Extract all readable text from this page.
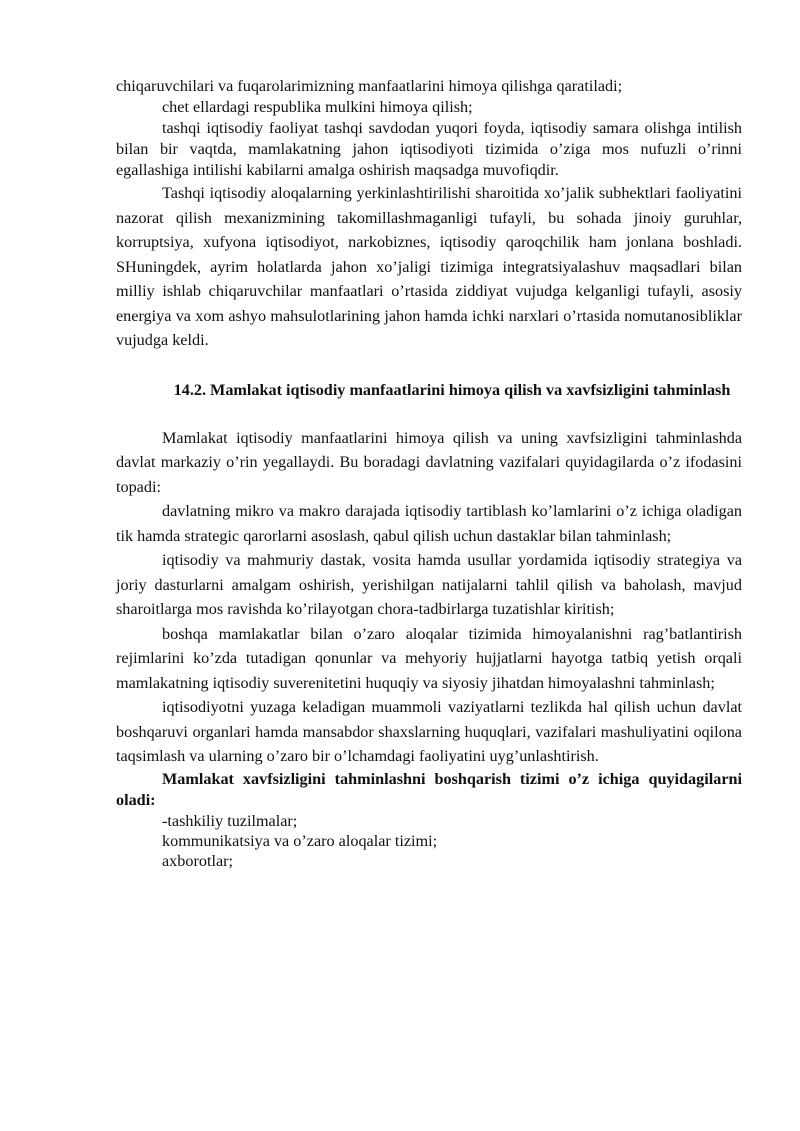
chiqaruvchilari va fuqarolarimizning manfaatlarini himoya qilishga qaratiladi;

chet ellardagi respublika mulkini himoya qilish;

tashqi iqtisodiy faoliyat tashqi savdodan yuqori foyda, iqtisodiy samara olishga intilish bilan bir vaqtda, mamlakatning jahon iqtisodiyoti tizimida o’ziga mos nufuzli o’rinni egallashiga intilishi kabilarni amalga oshirish maqsadga muvofiqdir.

Tashqi iqtisodiy aloqalarning yerkinlashtirilishi sharoitida xo’jalik subhektlari faoliyatini nazorat qilish mexanizmining takomillashmaganligi tufayli, bu sohada jinoiy guruhlar, korruptsiya, xufyona iqtisodiyot, narkobiznes, iqtisodiy qaroqchilik ham jonlana boshladi. SHuningdek, ayrim holatlarda jahon xo’jaligi tizimiga integratsiyalashuv maqsadlari bilan milliy ishlab chiqaruvchilar manfaatlari o’rtasida ziddiyat vujudga kelganligi tufayli, asosiy energiya va xom ashyo mahsulotlarining jahon hamda ichki narxlari o’rtasida nomutanosibliklar vujudga keldi.

14.2. Mamlakat iqtisodiy manfaatlarini himoya qilish va xavfsizligini tahminlash

Mamlakat iqtisodiy manfaatlarini himoya qilish va uning xavfsizligini tahminlashda davlat markaziy o’rin yegallaydi. Bu boradagi davlatning vazifalari quyidagilarda o’z ifodasini topadi:

davlatning mikro va makro darajada iqtisodiy tartiblash ko’lamlarini o’z ichiga oladigan tik hamda strategic qarorlarni asoslash, qabul qilish uchun dastaklar bilan tahminlash;

iqtisodiy va mahmuriy dastak, vosita hamda usullar yordamida iqtisodiy strategiya va joriy dasturlarni amalgam oshirish, yerishilgan natijalarni tahlil qilish va baholash, mavjud sharoitlarga mos ravishda ko’rilayotgan chora-tadbirlarga tuzatishlar kiritish;

boshqa mamlakatlar bilan o’zaro aloqalar tizimida himoyalanishni rag’batlantirish rejimlarini ko’zda tutadigan qonunlar va mehyoriy hujjatlarni hayotga tatbiq yetish orqali mamlakatning iqtisodiy suverenitetini huquqiy va siyosiy jihatdan himoyalashni tahminlash;

iqtisodiyotni yuzaga keladigan muammoli vaziyatlarni tezlikda hal qilish uchun davlat boshqaruvi organlari hamda mansabdor shaxslarning huquqlari, vazifalari mashuliyatini oqilona taqsimlash va ularning o’zaro bir o’lchamdagi faoliyatini uyg’unlashtirish.

Mamlakat xavfsizligini tahminlashni boshqarish tizimi o’z ichiga quyidagilarni oladi:

-tashkiliy tuzilmalar;

kommunikatsiya va o’zaro aloqalar tizimi;

axborotlar;
